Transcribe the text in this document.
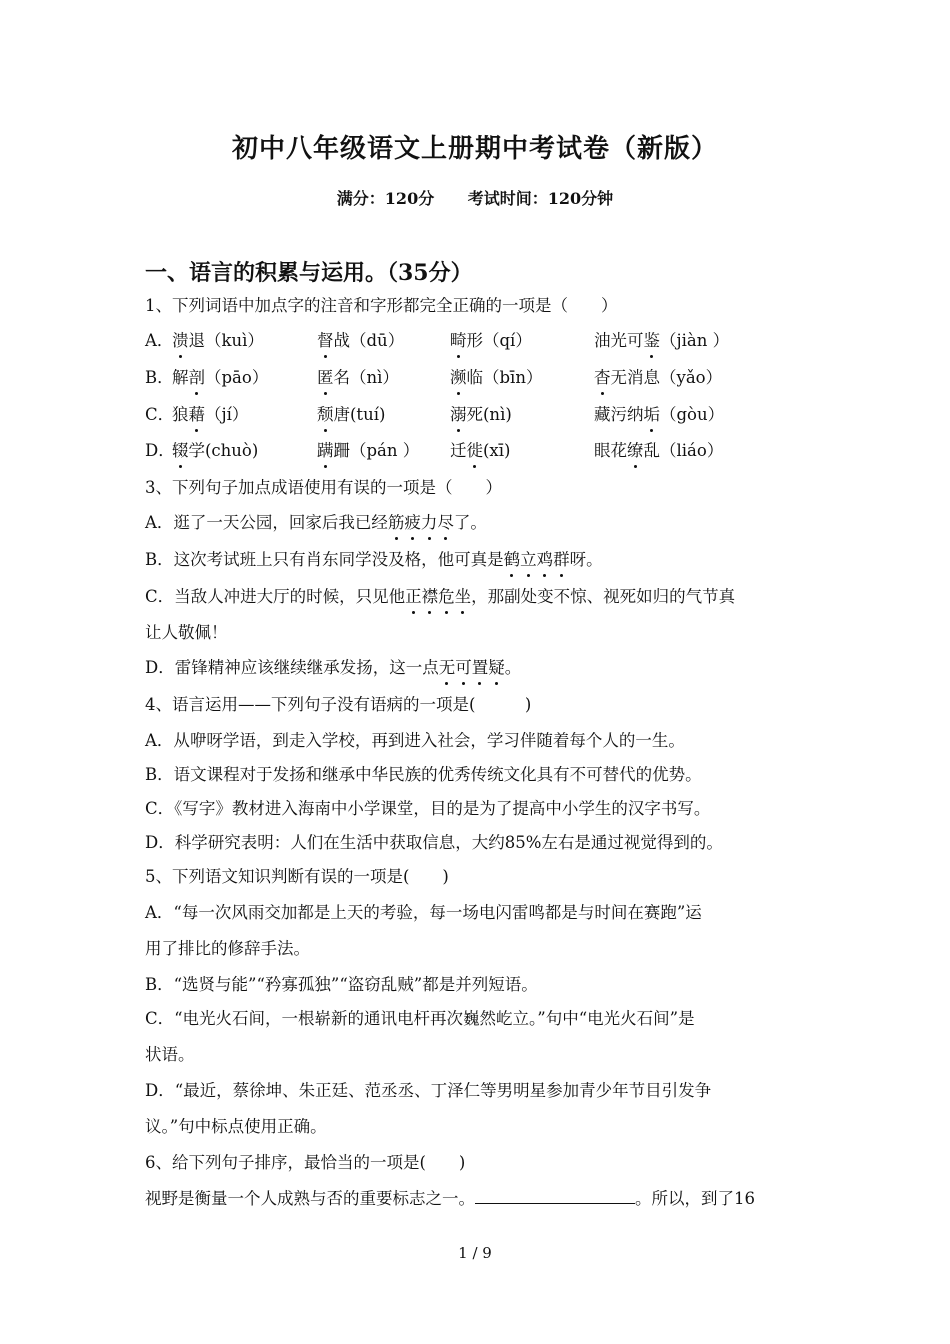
初中八年级语文上册期中考试卷（新版）
满分：120分 考试时间：120分钟
一、语言的积累与运用。（35分）
1、下列词语中加点字的注音和字形都完全正确的一项是（　　）
A．
溃退（kuì）	督战（dū）	畸形（qí）	油光可鉴（jiàn ）
B．
解剖（pāo）	匿名（nì）	濒临（bīn）	杳无消息（yǎo）
C．
狼藉（jí）	颓唐(tuí)	溺死(nì)	藏污纳垢（gòu）
D．
辍学(chuò)	蹒跚（pán ） 迁徙(xī)	眼花缭乱（liáo）
3、下列句子加点成语使用有误的一项是（　　）
A．逛了一天公园，回家后我已经筋疲力尽了。
B．这次考试班上只有肖东同学没及格，他可真是鹤立鸡群呀。
C．当敌人冲进大厅的时候，只见他正襟危坐，那副处变不惊、视死如归的气节真
让人敬佩！
D．雷锋精神应该继续继承发扬，这一点无可置疑。
4、语言运用——下列句子没有语病的一项是(　　　)
A．从咿呀学语，到走入学校，再到进入社会，学习伴随着每个人的一生。
B．语文课程对于发扬和继承中华民族的优秀传统文化具有不可替代的优势。
C．《写字》教材进入海南中小学课堂，目的是为了提高中小学生的汉字书写。
D．科学研究表明：人们在生活中获取信息，大约85%左右是通过视觉得到的。
5、下列语文知识判断有误的一项是(　　)
A．“每一次风雨交加都是上天的考验，每一场电闪雷鸣都是与时间在赛跑”运
用了排比的修辞手法。
B．“选贤与能”“矜寡孤独”“盗窃乱贼”都是并列短语。
C．“电光火石间，一根崭新的通讯电杆再次巍然屹立。”句中“电光火石间”是
状语。
D．“最近，蔡徐坤、朱正廷、范丞丞、丁泽仁等男明星参加青少年节目引发争
议。”句中标点使用正确。
6、给下列句子排序，最恰当的一项是(　　)
视野是衡量一个人成熟与否的重要标志之一。	。所以，到了16
1 / 9
